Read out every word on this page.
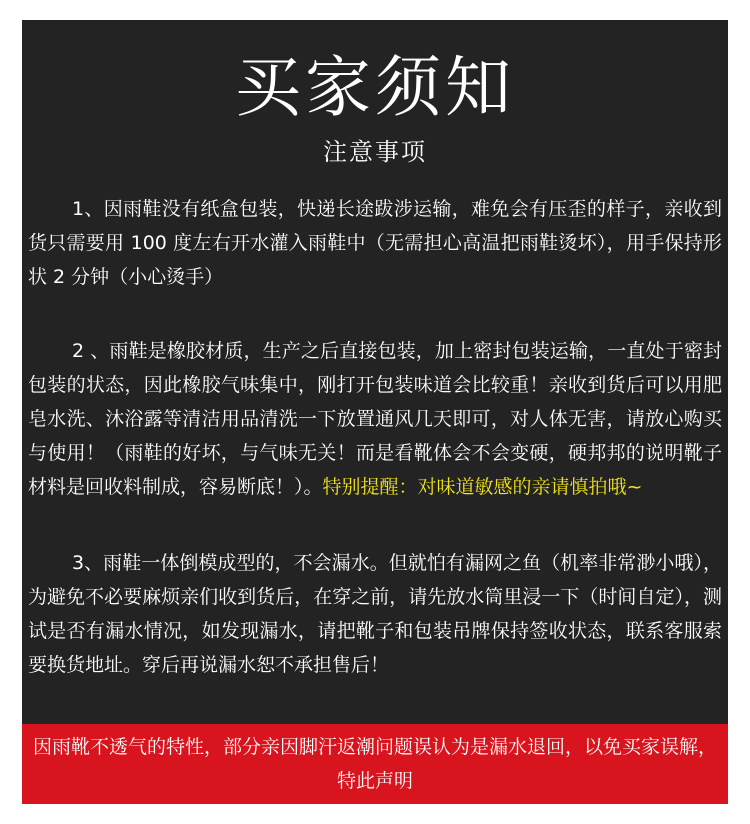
买家须知
注意事项

1、因雨鞋没有纸盒包装，快递长途跋涉运输，难免会有压歪的样子，亲收到货只需要用 100 度左右开水灌入雨鞋中（无需担心高温把雨鞋烫坏），用手保持形状 2 分钟（小心烫手）

2 、雨鞋是橡胶材质，生产之后直接包装，加上密封包装运输，一直处于密封包装的状态，因此橡胶气味集中，刚打开包装味道会比较重！亲收到货后可以用肥皂水洗、沐浴露等清洁用品清洗一下放置通风几天即可，对人体无害，请放心购买与使用！（雨鞋的好坏，与气味无关！而是看靴体会不会变硬，硬邦邦的说明靴子材料是回收料制成，容易断底！）。特别提醒：对味道敏感的亲请慎拍哦~

3、雨鞋一体倒模成型的，不会漏水。但就怕有漏网之鱼（机率非常渺小哦），为避免不必要麻烦亲们收到货后，在穿之前，请先放水筒里浸一下（时间自定），测试是否有漏水情况，如发现漏水，请把靴子和包装吊牌保持签收状态，联系客服索要换货地址。穿后再说漏水恕不承担售后！

因雨靴不透气的特性，部分亲因脚汗返潮问题误认为是漏水退回，以免买家误解，特此声明
